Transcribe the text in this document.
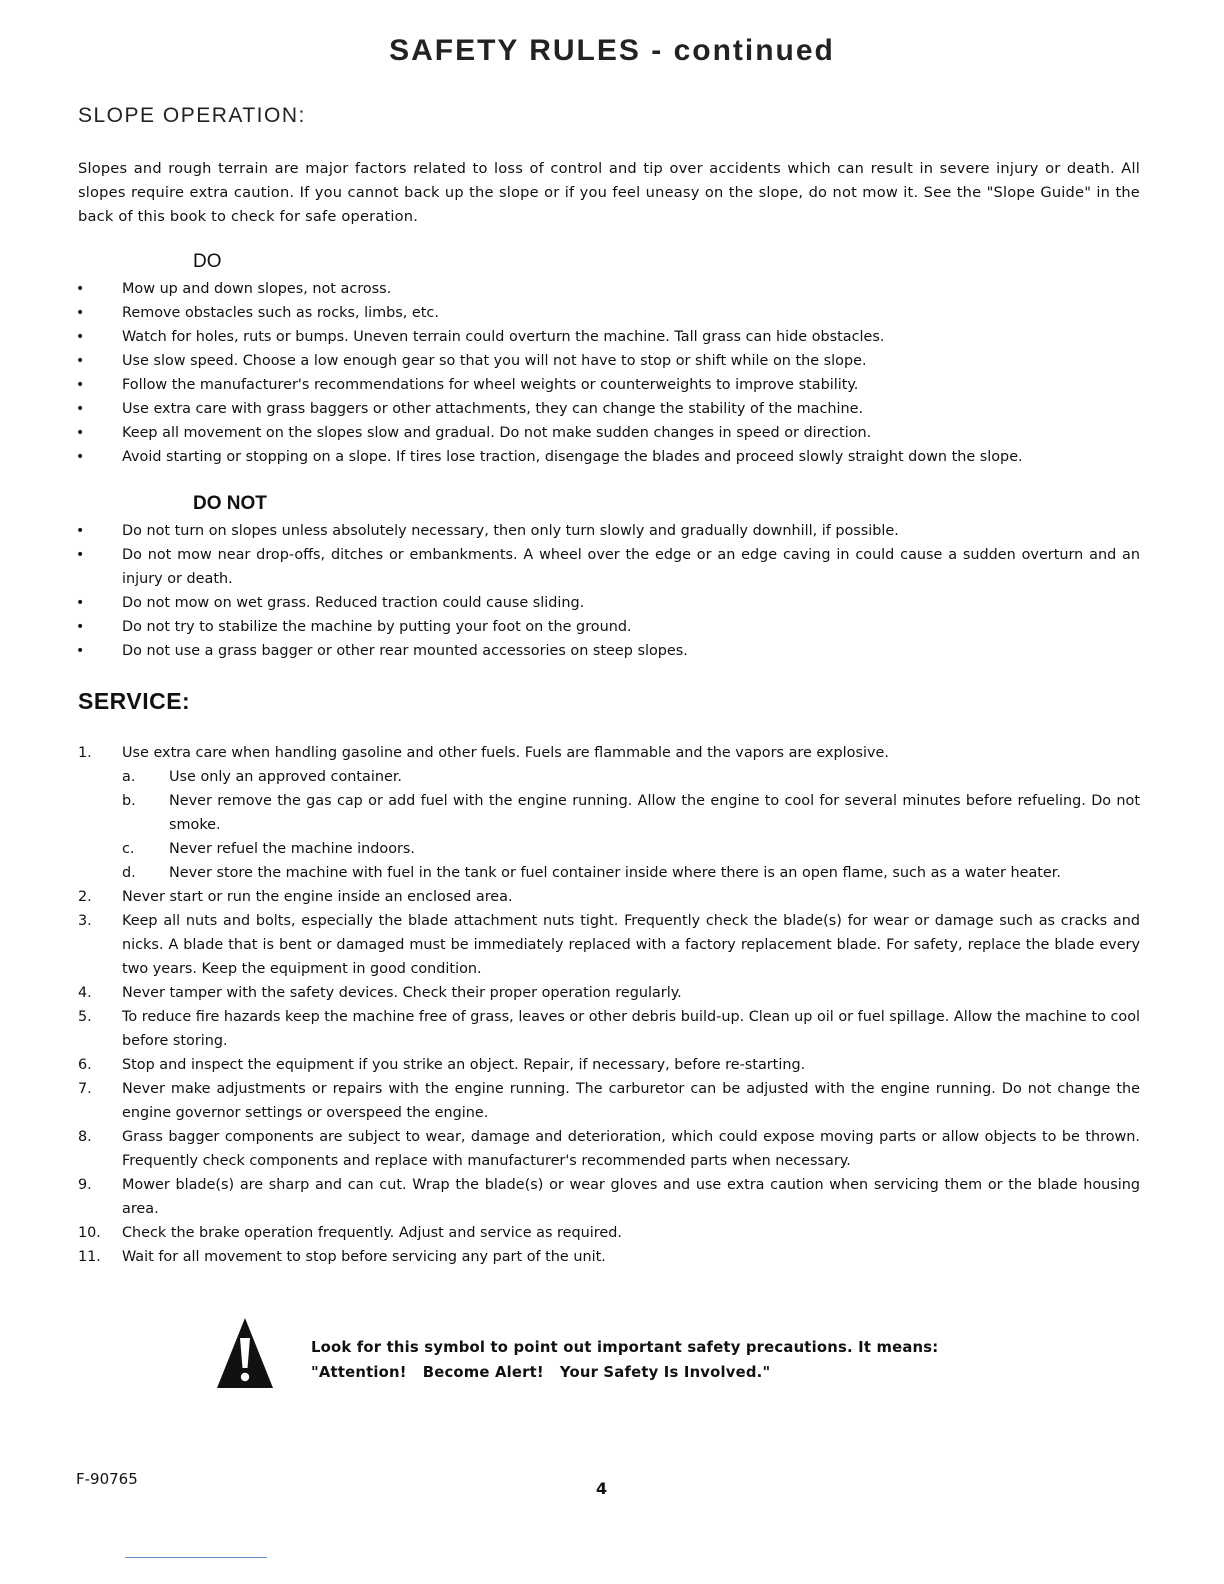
SAFETY RULES - continued
SLOPE OPERATION:

Slopes and rough terrain are major factors related to loss of control and tip over accidents which can result in severe injury or death. All slopes require extra caution. If you cannot back up the slope or if you feel uneasy on the slope, do not mow it. See the "Slope Guide" in the back of this book to check for safe operation.

DO
•	Mow up and down slopes, not across.
•	Remove obstacles such as rocks, limbs, etc.
•	Watch for holes, ruts or bumps. Uneven terrain could overturn the machine. Tall grass can hide obstacles.
•	Use slow speed. Choose a low enough gear so that you will not have to stop or shift while on the slope.
•	Follow the manufacturer's recommendations for wheel weights or counterweights to improve stability.
•	Use extra care with grass baggers or other attachments, they can change the stability of the machine.
•	Keep all movement on the slopes slow and gradual. Do not make sudden changes in speed or direction.
•	Avoid starting or stopping on a slope. If tires lose traction, disengage the blades and proceed slowly straight down the slope.
DO NOT
•	Do not turn on slopes unless absolutely necessary, then only turn slowly and gradually downhill, if possible.
•	Do not mow near drop-offs, ditches or embankments. A wheel over the edge or an edge caving in could cause a sudden overturn and an injury or death.
•	Do not mow on wet grass. Reduced traction could cause sliding.
•	Do not try to stabilize the machine by putting your foot on the ground.
•	Do not use a grass bagger or other rear mounted accessories on steep slopes.
SERVICE:
1. Use extra care when handling gasoline and other fuels. Fuels are flammable and the vapors are explosive.
a. Use only an approved container.
b. Never remove the gas cap or add fuel with the engine running. Allow the engine to cool for several minutes before refueling. Do not smoke.
c. Never refuel the machine indoors.
d. Never store the machine with fuel in the tank or fuel container inside where there is an open flame, such as a water heater.
2. Never start or run the engine inside an enclosed area.
3. Keep all nuts and bolts, especially the blade attachment nuts tight. Frequently check the blade(s) for wear or damage such as cracks and nicks. A blade that is bent or damaged must be immediately replaced with a factory replacement blade. For safety, replace the blade every two years. Keep the equipment in good condition.
4. Never tamper with the safety devices. Check their proper operation regularly.
5. To reduce fire hazards keep the machine free of grass, leaves or other debris build-up. Clean up oil or fuel spillage. Allow the machine to cool before storing.
6. Stop and inspect the equipment if you strike an object. Repair, if necessary, before re-starting.
7. Never make adjustments or repairs with the engine running. The carburetor can be adjusted with the engine running. Do not change the engine governor settings or overspeed the engine.
8. Grass bagger components are subject to wear, damage and deterioration, which could expose moving parts or allow objects to be thrown. Frequently check components and replace with manufacturer's recommended parts when necessary.
9. Mower blade(s) are sharp and can cut. Wrap the blade(s) or wear gloves and use extra caution when servicing them or the blade housing area.
10. Check the brake operation frequently. Adjust and service as required.
11. Wait for all movement to stop before servicing any part of the unit.
Look for this symbol to point out important safety precautions. It means:
"Attention!   Become Alert!   Your Safety Is Involved."
F-90765	4
